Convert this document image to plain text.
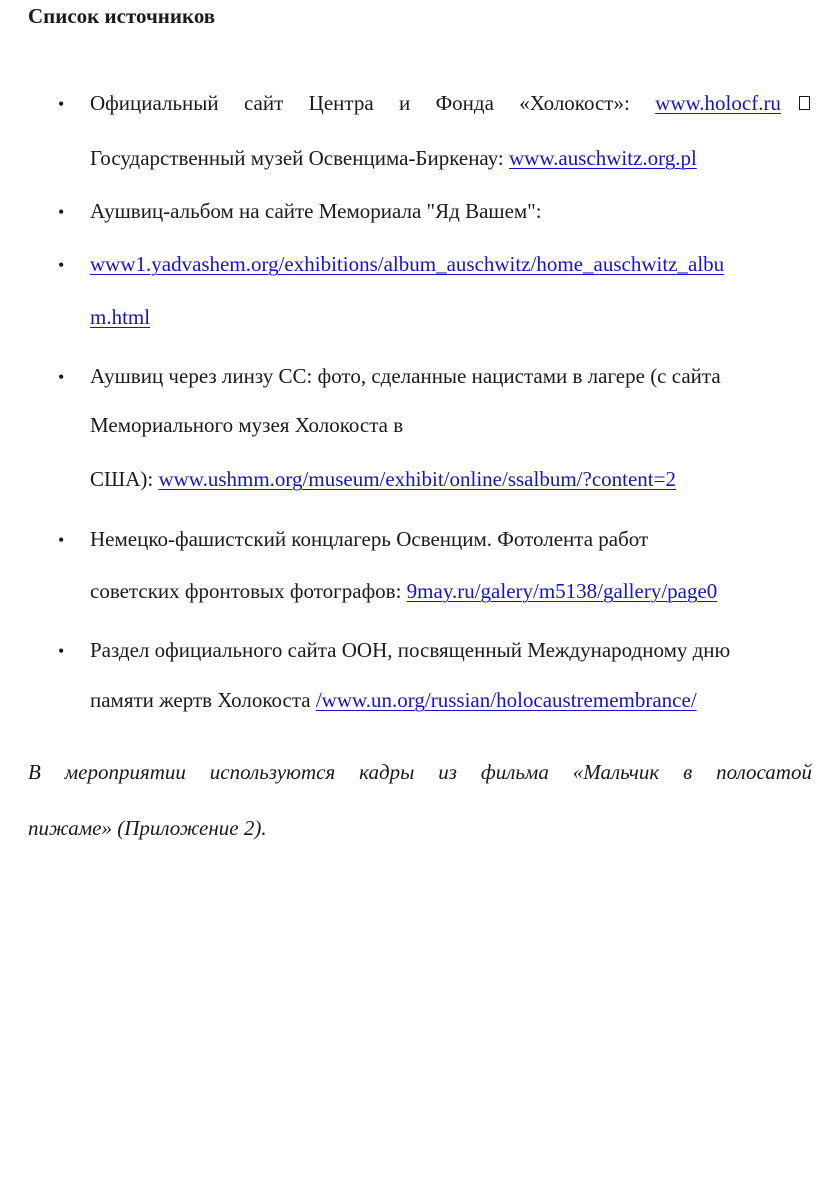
Список источников
• Официальный сайт Центра и Фонда «Холокост»: www.holocf.ru
Государственный музей Освенцима-Биркенау: www.auschwitz.org.pl
• Аушвиц-альбом на сайте Мемориала "Яд Вашем":
• www1.yadvashem.org/exhibitions/album_auschwitz/home_auschwitz_albu
m.html
• Аушвиц через линзу СС: фото, сделанные нацистами в лагере (с сайта
Мемориального музея Холокоста в
США): www.ushmm.org/museum/exhibit/online/ssalbum/?content=2
• Немецко-фашистский концлагерь Освенцим. Фотолента работ
советских фронтовых фотографов: 9may.ru/galery/m5138/gallery/page0
• Раздел официального сайта ООН, посвященный Международному дню
памяти жертв Холокоста /www.un.org/russian/holocaustremembrance/
В мероприятии используются кадры из фильма «Мальчик в полосатой
пижаме» (Приложение 2).
